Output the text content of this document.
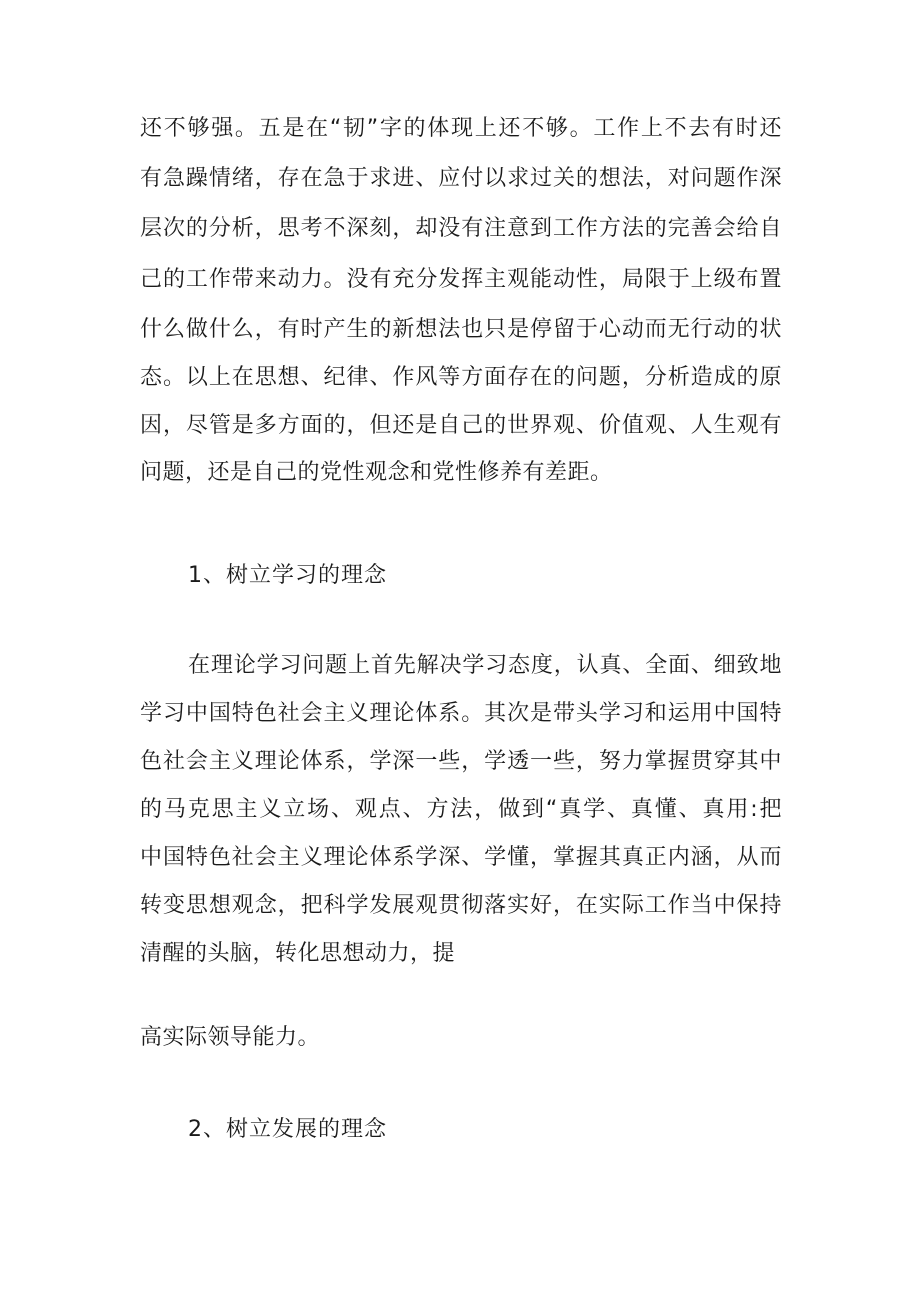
还不够强。五是在“韧”字的体现上还不够。工作上不去有时还
有急躁情绪，存在急于求进、应付以求过关的想法，对问题作深
层次的分析，思考不深刻，却没有注意到工作方法的完善会给自
己的工作带来动力。没有充分发挥主观能动性，局限于上级布置
什么做什么，有时产生的新想法也只是停留于心动而无行动的状
态。以上在思想、纪律、作风等方面存在的问题，分析造成的原
因，尽管是多方面的，但还是自己的世界观、价值观、人生观有
问题，还是自己的党性观念和党性修养有差距。
1、树立学习的理念
在理论学习问题上首先解决学习态度，认真、全面、细致地
学习中国特色社会主义理论体系。其次是带头学习和运用中国特
色社会主义理论体系，学深一些，学透一些，努力掌握贯穿其中
的马克思主义立场、观点、方法，做到“真学、真懂、真用:把
中国特色社会主义理论体系学深、学懂，掌握其真正内涵，从而
转变思想观念，把科学发展观贯彻落实好，在实际工作当中保持
清醒的头脑，转化思想动力，提
高实际领导能力。
2、树立发展的理念
